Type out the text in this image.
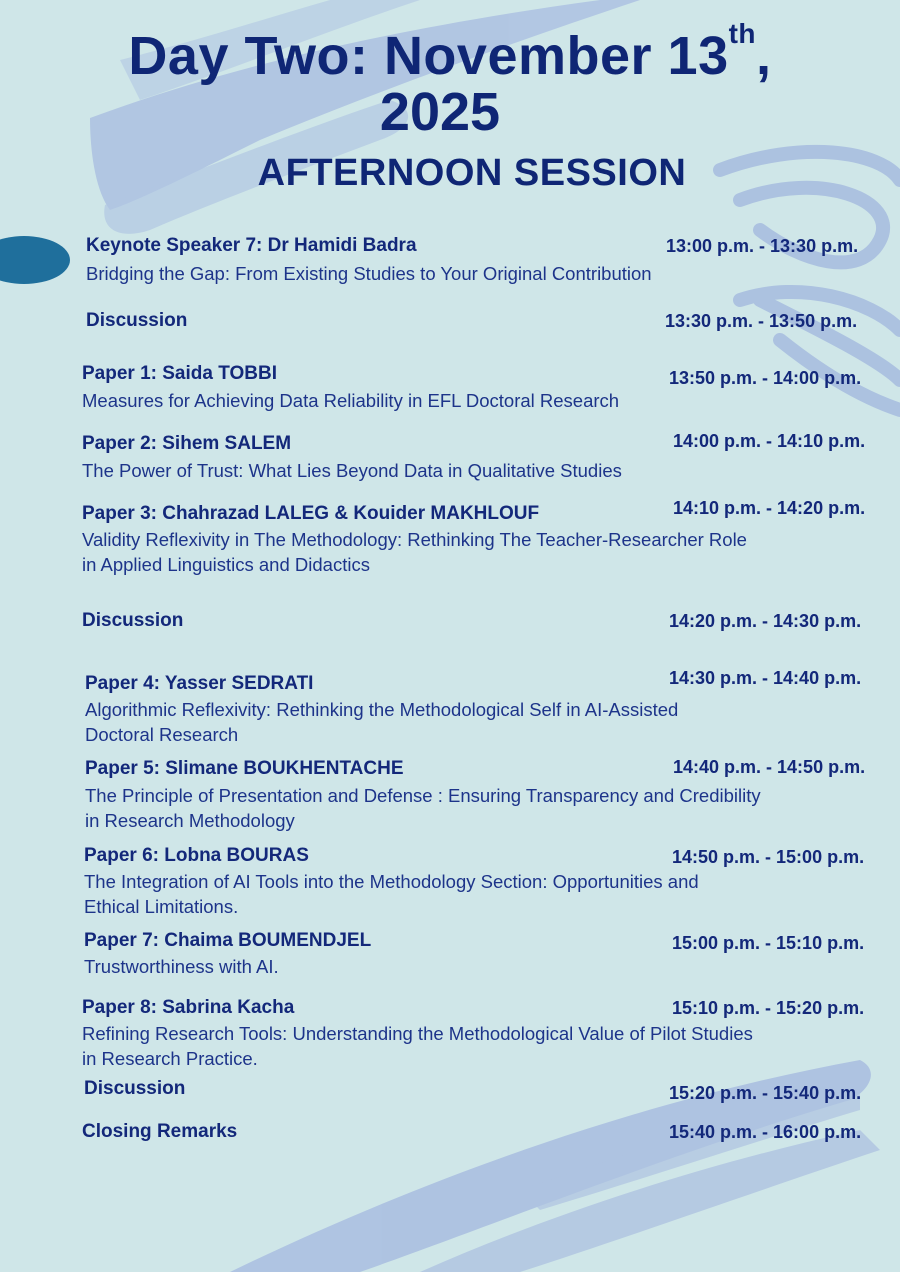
Day Two: November 13th,
2025
AFTERNOON SESSION
Keynote Speaker 7: Dr Hamidi Badra	13:00 p.m. - 13:30 p.m.
Bridging the Gap: From Existing Studies to Your Original Contribution
Discussion	13:30 p.m. - 13:50 p.m.
Paper 1: Saida TOBBI	13:50 p.m. - 14:00 p.m.
Measures for Achieving Data Reliability in EFL Doctoral Research
Paper 2: Sihem SALEM	14:00 p.m. - 14:10 p.m.
The Power of Trust: What Lies Beyond Data in Qualitative Studies
Paper 3: Chahrazad LALEG & Kouider MAKHLOUF	14:10 p.m. - 14:20 p.m.
Validity Reflexivity in The Methodology: Rethinking The Teacher-Researcher Role
in Applied Linguistics and Didactics
Discussion	14:20 p.m. - 14:30 p.m.
Paper 4: Yasser SEDRATI	14:30 p.m. - 14:40 p.m.
Algorithmic Reflexivity: Rethinking the Methodological Self in AI-Assisted
Doctoral Research
Paper 5: Slimane BOUKHENTACHE	14:40 p.m. - 14:50 p.m.
The Principle of Presentation and Defense : Ensuring Transparency and Credibility
in Research Methodology
Paper 6: Lobna BOURAS	14:50 p.m. - 15:00 p.m.
The Integration of AI Tools into the Methodology Section: Opportunities and
Ethical Limitations.
Paper 7: Chaima BOUMENDJEL	15:00 p.m. - 15:10 p.m.
Trustworthiness with AI.
Paper 8: Sabrina Kacha	15:10 p.m. - 15:20 p.m.
Refining Research Tools: Understanding the Methodological Value of Pilot Studies
in Research Practice.
Discussion	15:20 p.m. - 15:40 p.m.
Closing Remarks	15:40 p.m. - 16:00 p.m.
